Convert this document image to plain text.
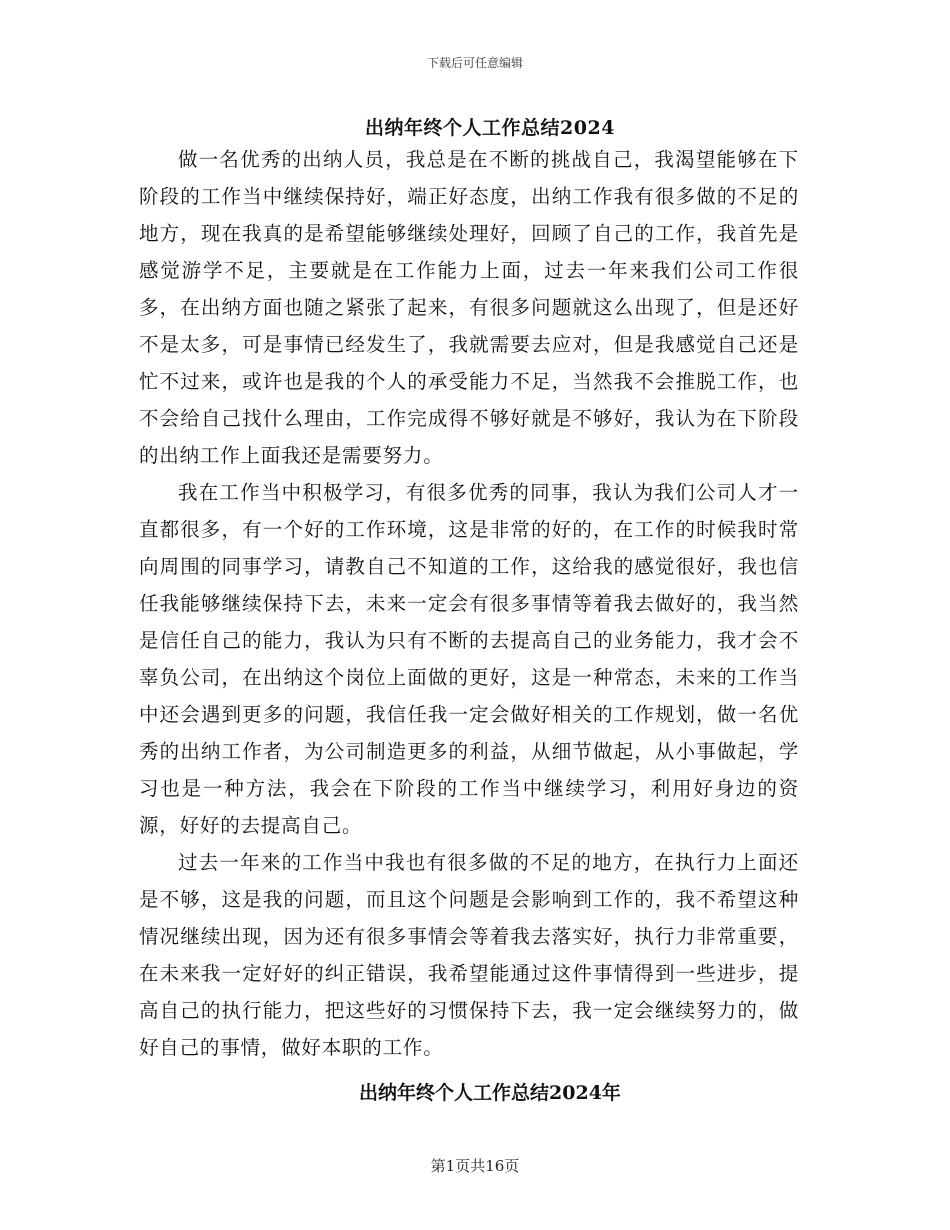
下载后可任意编辑
出纳年终个人工作总结2024

做一名优秀的出纳人员，我总是在不断的挑战自己，我渴望能够在下阶段的工作当中继续保持好，端正好态度，出纳工作我有很多做的不足的地方，现在我真的是希望能够继续处理好，回顾了自己的工作，我首先是感觉游学不足，主要就是在工作能力上面，过去一年来我们公司工作很多，在出纳方面也随之紧张了起来，有很多问题就这么出现了，但是还好不是太多，可是事情已经发生了，我就需要去应对，但是我感觉自己还是忙不过来，或许也是我的个人的承受能力不足，当然我不会推脱工作，也不会给自己找什么理由，工作完成得不够好就是不够好，我认为在下阶段的出纳工作上面我还是需要努力。

我在工作当中积极学习，有很多优秀的同事，我认为我们公司人才一直都很多，有一个好的工作环境，这是非常的好的，在工作的时候我时常向周围的同事学习，请教自己不知道的工作，这给我的感觉很好，我也信任我能够继续保持下去，未来一定会有很多事情等着我去做好的，我当然是信任自己的能力，我认为只有不断的去提高自己的业务能力，我才会不辜负公司，在出纳这个岗位上面做的更好，这是一种常态，未来的工作当中还会遇到更多的问题，我信任我一定会做好相关的工作规划，做一名优秀的出纳工作者，为公司制造更多的利益，从细节做起，从小事做起，学习也是一种方法，我会在下阶段的工作当中继续学习，利用好身边的资源，好好的去提高自己。

过去一年来的工作当中我也有很多做的不足的地方，在执行力上面还是不够，这是我的问题，而且这个问题是会影响到工作的，我不希望这种情况继续出现，因为还有很多事情会等着我去落实好，执行力非常重要，在未来我一定好好的纠正错误，我希望能通过这件事情得到一些进步，提高自己的执行能力，把这些好的习惯保持下去，我一定会继续努力的，做好自己的事情，做好本职的工作。

出纳年终个人工作总结2024年
第1页共16页
